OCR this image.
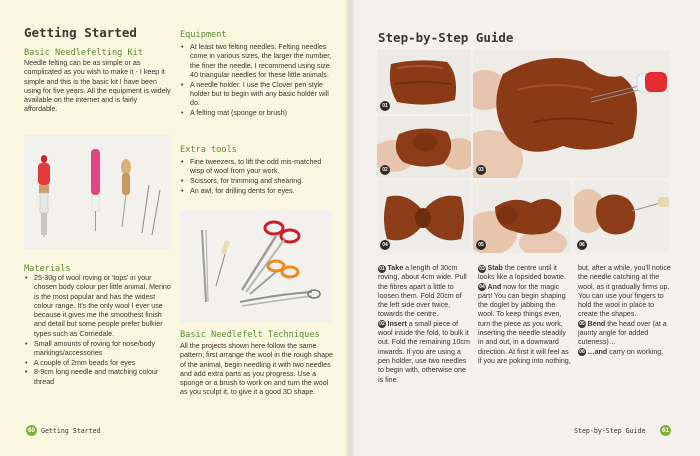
Getting Started
Basic Needlefelting Kit

Needle felting can be as simple or as complicated as you wish to make it - I keep it simple and this is the basic kit I have been using for five years. All the equipment is widely available on the internet and is fairly affordable.

Materials
• 25-30g of wool roving or 'tops' in your chosen body colour per little animal. Merino is the most popular and has the widest colour range. It's the only wool I ever use because it gives me the smoothest finish and detail but some people prefer bulkier types such as Corriedale.
• Small amounts of roving for nose/body markings/accessories
• A couple of 2mm beads for eyes
• 8-9cm long needle and matching colour thread
Equipment
• At least two felting needles. Felting needles come in various sizes, the larger the number, the finer the needle. I recommend using size 40 triangular needles for these little animals.
• A needle holder. I use the Clover pen style holder but to begin with any basic holder will do.
• A felting mat (sponge or brush)
Extra tools
• Fine tweezers, to lift the odd mis-matched wisp of wool from your work.
• Scissors, for trimming and shearing.
• An awl, for drilling dents for eyes.
Basic Needlefelt Techniques

All the projects shown here follow the same pattern; first arrange the wool in the rough shape of the animal, begin needling it with two needles and add extra parts as you progress. Use a sponge or a brush to work on and turn the wool as you sculpt it, to give it a good 3D shape.

60 Getting Started
Step-by-Step Guide
01
02	03
04	05	06

01 Take a length of 30cm roving, about 4cm wide. Pull the fibres apart a little to loosen them. Fold 20cm of the left side over twice, towards the centre.

02 Insert a small piece of wool inside the fold, to bulk it out. Fold the remaining 10cm inwards. If you are using a pen holder, use two needles to begin with, otherwise one is fine.

03 Stab the centre until it looks like a lopsided bowtie.

04 And now for the magic part! You can begin shaping the doglet by jabbing the wool. To keep things even, turn the piece as you work, inserting the needle steadily in and out, in a downward direction. At first it will feel as if you are poking into nothing,

but, after a while, you'll notice the needle catching at the wool, as it gradually firms up. You can use your fingers to hold the wool in place to create the shapes.

05 Bend the head over (at a jaunty angle for added cuteness)…

06 …and carry on working.

Step-by-Step Guide	61
